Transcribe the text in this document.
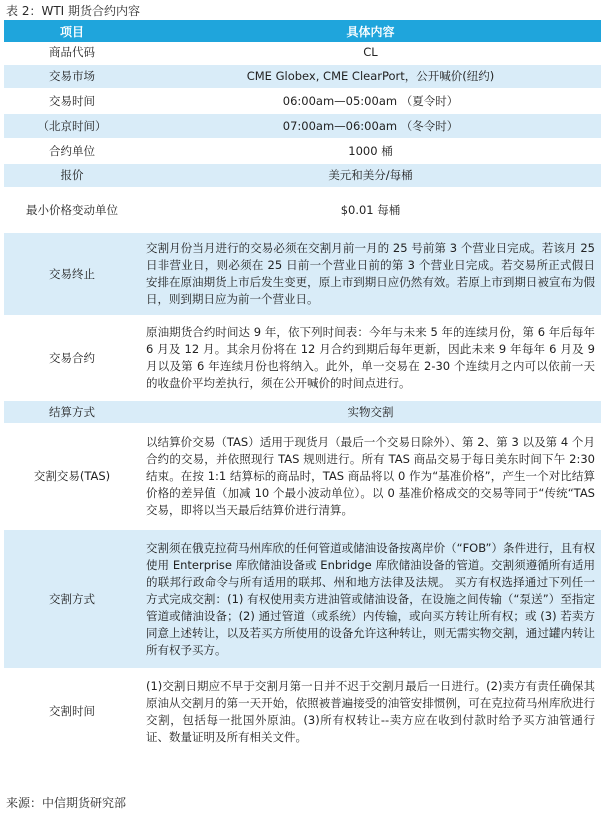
表 2：WTI 期货合约内容
项目	具体内容
商品代码	CL
交易市场	CME Globex, CME ClearPort，公开喊价(纽约)
交易时间	06:00am—05:00am （夏令时）
（北京时间）	07:00am—06:00am （冬令时）
合约单位	1000 桶
报价	美元和美分/每桶
最小价格变动单位	$0.01 每桶
交易终止	交割月份当月进行的交易必须在交割月前一月的 25 号前第 3 个营业日完成。若该月 25 日非营业日，则必须在 25 日前一个营业日前的第 3 个营业日完成。若交易所正式假日安排在原油期货上市后发生变更，原上市到期日应仍然有效。若原上市到期日被宣布为假日，则到期日应为前一个营业日。
交易合约	原油期货合约时间达 9 年，依下列时间表：今年与未来 5 年的连续月份，第 6 年后每年 6 月及 12 月。其余月份将在 12 月合约到期后每年更新，因此未来 9 年每年 6 月及 9 月以及第 6 年连续月份也将纳入。此外，单一交易在 2-30 个连续月之内可以依前一天的收盘价平均差执行，须在公开喊价的时间点进行。
结算方式	实物交割
交割交易(TAS)	以结算价交易（TAS）适用于现货月（最后一个交易日除外）、第 2、第 3 以及第 4 个月合约的交易，并依照现行 TAS 规则进行。所有 TAS 商品交易于每日美东时间下午 2:30 结束。在按 1:1 结算标的商品时，TAS 商品将以 0 作为“基准价格”，产生一个对比结算价格的差异值（加减 10 个最小波动单位）。以 0 基准价格成交的交易等同于“传统“TAS 交易，即将以当天最后结算价进行清算。
交割方式	交割须在俄克拉荷马州库欣的任何管道或储油设备按离岸价（“FOB”）条件进行，且有权使用 Enterprise 库欣储油设备或 Enbridge 库欣储油设备的管道。交割须遵循所有适用的联邦行政命令与所有适用的联邦、州和地方法律及法规。 买方有权选择通过下列任一方式完成交割：(1) 有权使用卖方进油管或储油设备，在设施之间传输（“泵送”）至指定管道或储油设备；(2) 通过管道（或系统）内传输，或向买方转让所有权；或 (3) 若卖方同意上述转让，以及若买方所使用的设备允许这种转让，则无需实物交割，通过罐内转让所有权予买方。
交割时间	(1)交割日期应不早于交割月第一日并不迟于交割月最后一日进行。(2)卖方有责任确保其原油从交割月的第一天开始，依照被普遍接受的油管安排惯例，可在克拉荷马州库欣进行交割，包括每一批国外原油。(3)所有权转让--卖方应在收到付款时给予买方油管通行证、数量证明及所有相关文件。
来源：中信期货研究部
